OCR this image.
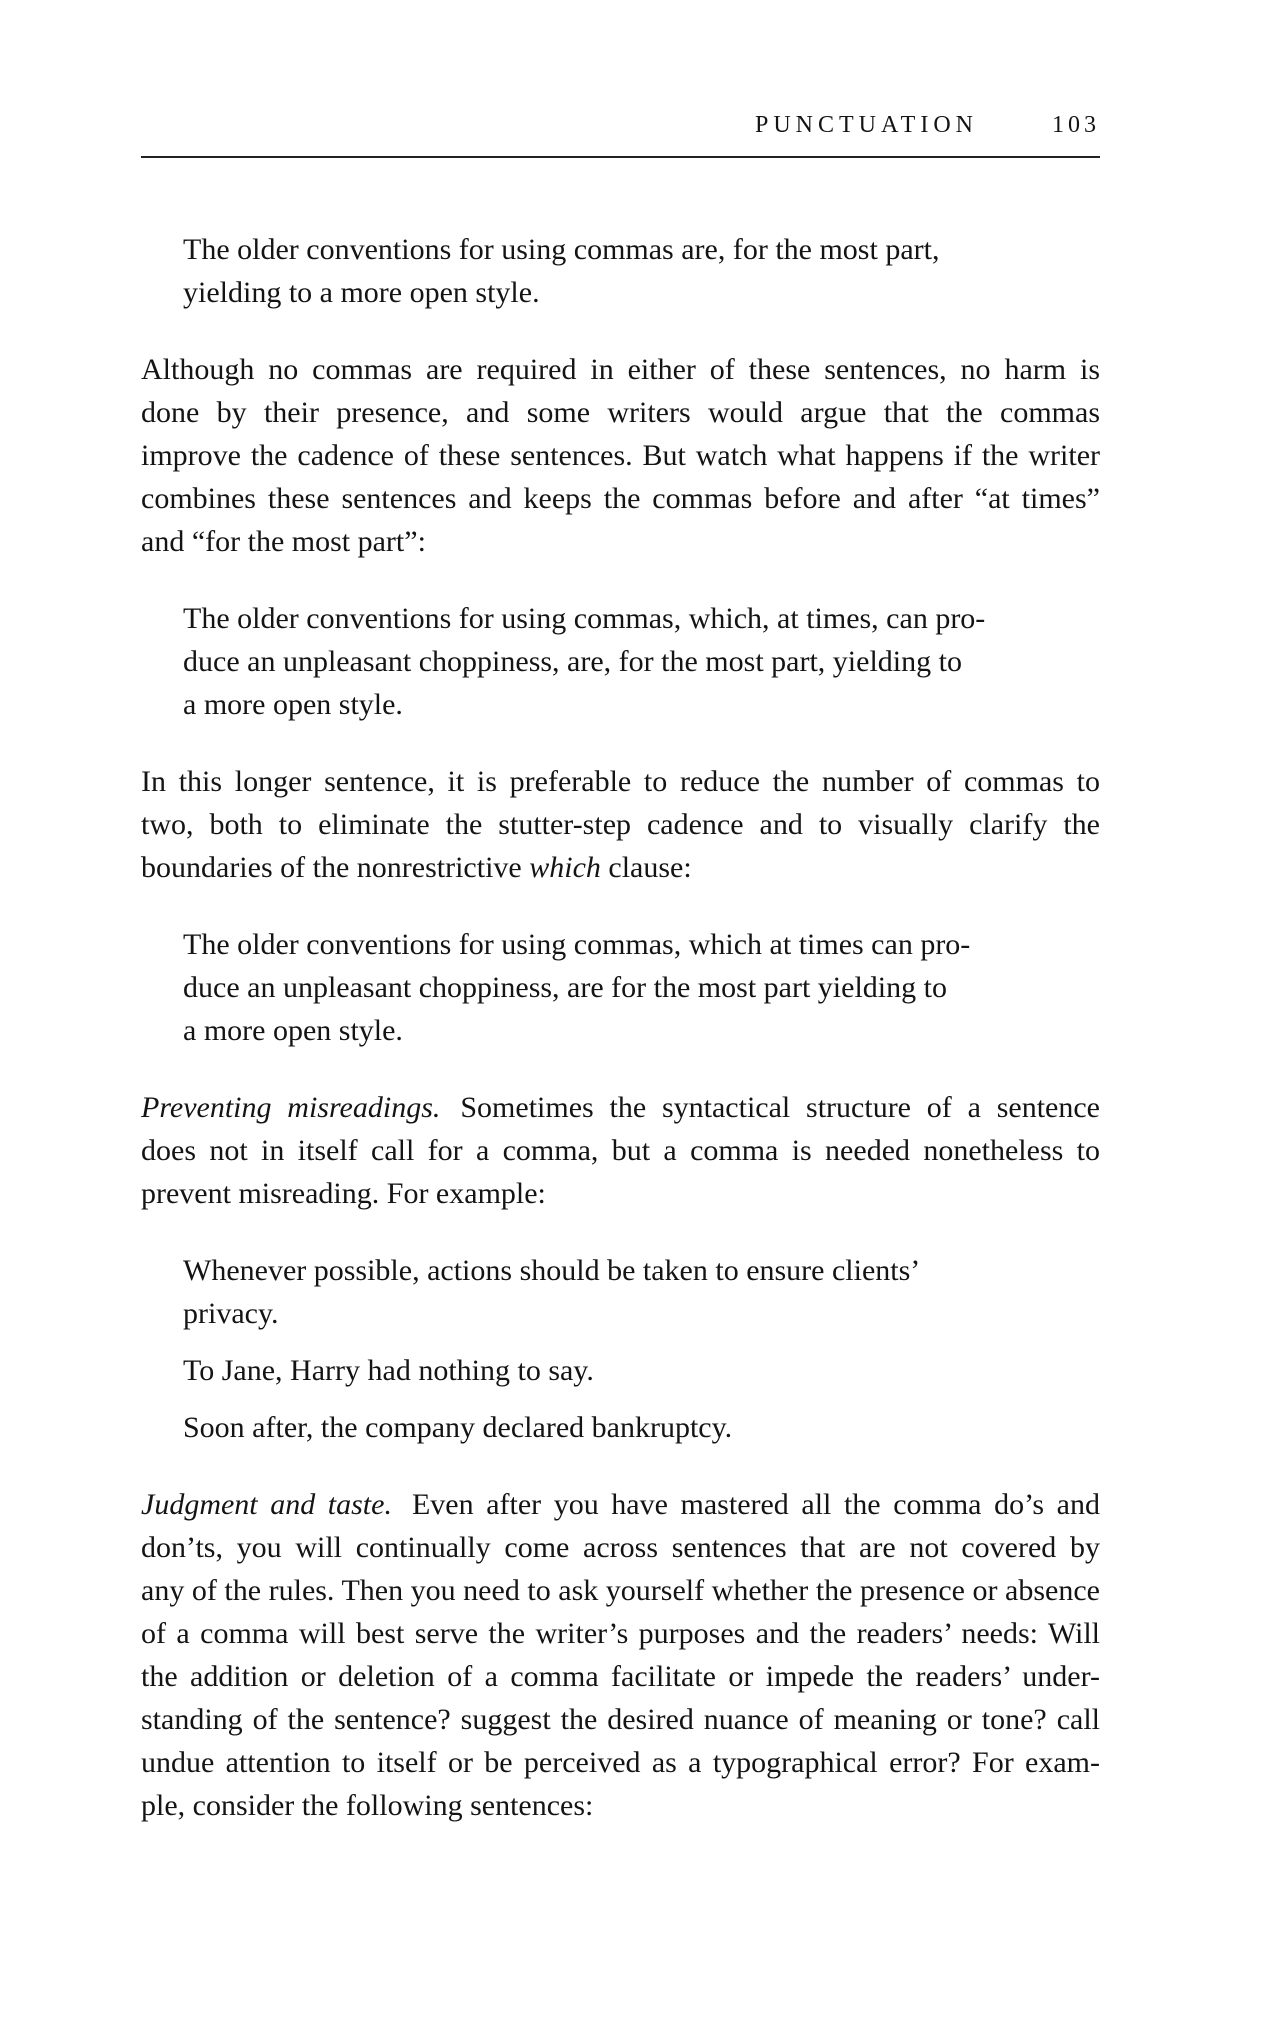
PUNCTUATION	103
The older conventions for using commas are, for the most part,
yielding to a more open style.

Although no commas are required in either of these sentences, no harm is
done by their presence, and some writers would argue that the commas
improve the cadence of these sentences. But watch what happens if the writer
combines these sentences and keeps the commas before and after “at times”
and “for the most part”:

The older conventions for using commas, which, at times, can pro-
duce an unpleasant choppiness, are, for the most part, yielding to
a more open style.

In this longer sentence, it is preferable to reduce the number of commas to
two, both to eliminate the stutter-step cadence and to visually clarify the
boundaries of the nonrestrictive which clause:

The older conventions for using commas, which at times can pro-
duce an unpleasant choppiness, are for the most part yielding to
a more open style.

Preventing misreadings. Sometimes the syntactical structure of a sentence
does not in itself call for a comma, but a comma is needed nonetheless to
prevent misreading. For example:

Whenever possible, actions should be taken to ensure clients’
privacy.
To Jane, Harry had nothing to say.
Soon after, the company declared bankruptcy.

Judgment and taste. Even after you have mastered all the comma do’s and
don’ts, you will continually come across sentences that are not covered by
any of the rules. Then you need to ask yourself whether the presence or absence
of a comma will best serve the writer’s purposes and the readers’ needs: Will
the addition or deletion of a comma facilitate or impede the readers’ under-
standing of the sentence? suggest the desired nuance of meaning or tone? call
undue attention to itself or be perceived as a typographical error? For exam-
ple, consider the following sentences:
